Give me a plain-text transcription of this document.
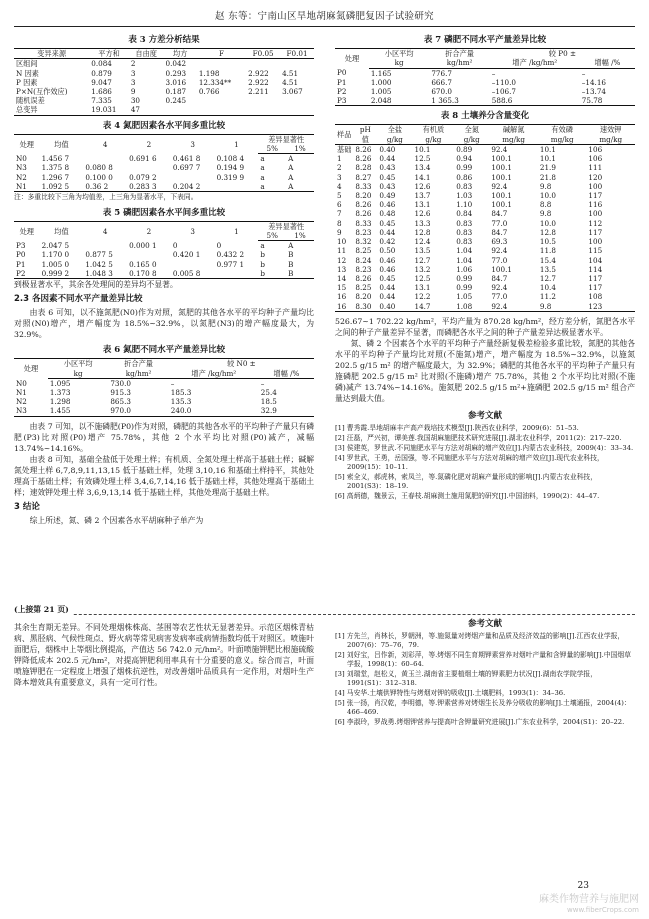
赵 东等：宁南山区旱地胡麻氮磷肥复因子试验研究
表 3 方差分析结果
变异来源	平方和	自由度	均方	F	F0.05	F0.01
区组间	0.084	2	0.042			
N 因素	0.879	3	0.293	1.198	2.922	4.51
P 因素	9.047	3	3.016	12.334**	2.922	4.51
P×N(互作效应)	1.686	9	0.187	0.766	2.211	3.067
随机误差	7.335	30	0.245			
总变异	19.031	47				
表 4 氮肥因素各水平间多重比较
处理	均值	4	2	3	1	差异显著性	
						5%	1%
N0	1.456 7		0.691 6	0.461 8	0.108 4	a	A
N3	1.375 8	0.080 8		0.697 7	0.194 9	a	A
N2	1.296 7	0.100 0	0.079 2		0.319 9	a	A
N1	1.092 5	0.36 2	0.283 3	0.204 2		a	A
注：多重比较下三角为均值差，上三角为显著水平，下表同。
表 5 磷肥因素各水平间多重比较
处理	均值	4	2	3	1	差异显著性	
						5%	1%
P3	2.047 5		0.000 1	0	0	a	A
P0	1.170 0	0.877 5		0.420 1	0.432 2	b	B
P1	1.005 0	1.042 5	0.165 0		0.977 1	b	B
P2	0.999 2	1.048 3	0.170 8	0.005 8		b	B

到极显著水平，其余各处理间的差异均不显著。

2.3 各因素不同水平产量差异比较

由表 6 可知，以不施氮肥(N0)作为对照，氮肥的其他各水平的平均种子产量均比对照(N0)增产，增产幅度为 18.5%~32.9%，以氮肥(N3)的增产幅度最大，为 32.9%。

表 6 氮肥不同水平产量差异比较
处理	小区平均	折合产量	较 N0 ±	
	kg	kg/hm²	增产 /kg/hm²	增幅 /%
N0	1.095	730.0	–	–
N1	1.373	915.3	185.3	25.4
N2	1.298	865.3	135.3	18.5
N3	1.455	970.0	240.0	32.9

由表 7 可知，以不施磷肥(P0)作为对照，磷肥的其他各水平的平均种子产量只有磷肥(P3)比对照(P0)增产 75.78%，其他 2 个水平均比对照(P0)减产，减幅 13.74%~14.16%。

由表 8 可知，基础全盐低于处理土样；有机质、全氮处理土样高于基础土样；碱解氮处理土样 6,7,8,9,11,13,15 低于基础土样，处理 3,10,16 和基础土样持平，其他处理高于基础土样；有效磷处理土样 3,4,6,7,14,16 低于基础土样，其他处理高于基础土样；速效钾处理土样 3,6,9,13,14 低于基础土样，其他处理高于基础土样。

3 结论

综上所述，氮、磷 2 个因素各水平胡麻种子单产为

表 7 磷肥不同水平产量差异比较
处理	小区平均	折合产量	较 P0 ±	
	kg	kg/hm²	增产 /kg/hm²	增幅 /%
P0	1.165	776.7	–	–
P1	1.000	666.7	–110.0	–14.16
P2	1.005	670.0	–106.7	–13.74
P3	2.048	1 365.3	588.6	75.78
表 8 土壤养分含量变化
样品	pH 值	全盐 g/kg	有机质 g/kg	全氮 g/kg	碱解氮 mg/kg	有效磷 mg/kg	速效钾 mg/kg
基础	8.26	0.40	10.1	0.89	92.4	10.1	106
1	8.26	0.44	12.5	0.94	100.1	10.1	106
2	8.28	0.43	13.4	0.99	100.1	21.9	111
3	8.27	0.45	14.1	0.86	100.1	21.8	120
4	8.33	0.43	12.6	0.83	92.4	9.8	100
5	8.20	0.49	13.7	1.03	100.1	10.0	117
6	8.26	0.46	13.1	1.10	100.1	8.8	116
7	8.26	0.48	12.6	0.84	84.7	9.8	100
8	8.33	0.45	13.3	0.83	77.0	10.0	112
9	8.23	0.44	12.8	0.83	84.7	12.8	117
10	8.32	0.42	12.4	0.83	69.3	10.5	100
11	8.25	0.50	13.5	1.04	92.4	11.8	115
12	8.24	0.46	12.7	1.04	77.0	15.4	104
13	8.23	0.46	13.2	1.06	100.1	13.5	114
14	8.26	0.45	12.5	0.99	84.7	12.7	117
15	8.25	0.44	13.1	0.99	92.4	10.4	117
16	8.20	0.44	12.2	1.05	77.0	11.2	108
16	8.30	0.40	14.7	1.08	92.4	9.8	123

526.67~1 702.22 kg/hm²，平均产量为 870.28 kg/hm²，经方差分析，氮肥各水平之间的种子产量差异不显著，而磷肥各水平之间的种子产量差异达极显著水平。

氮、磷 2 个因素各个水平的平均种子产量经新复极差检验多重比较，氮肥的其他各水平的平均种子产量均比对照(不施氮)增产，增产幅度为 18.5%~32.9%，以施氮 202.5 g/15 m² 的增产幅度最大，为 32.9%；磷肥的其他各水平的平均种子产量只有施磷肥 202.5 g/15 m² 比对照(不施磷)增产 75.78%，其他 2 个水平均比对照(不施磷)减产 13.74%~14.16%。施氮肥 202.5 g/15 m²+施磷肥 202.5 g/15 m² 组合产量达到最大值。

参考文献
[1] 曹秀霞.旱地胡麻丰产高产栽培技术模型[J].陕西农业科学，2009(6)：51–53.
[2] 汪磊，严兴初，谭美莲.我国胡麻施肥技术研究进展[J].湖北农业科学，2011(2)：217–220.
[3] 侯建英，罗世武.不同施肥水平与方法对胡麻的增产效应[J].内蒙古农业科技，2009(4)：33–34.
[4] 罗世武，王勇，岳国强，等.不同施肥水平与方法对胡麻的增产效应[J].现代农业科技，2009(15)：10–11.
[5] 索全义，郝虎林，索凤兰，等.氮磷化肥对胡麻产量形成的影响[J].内蒙古农业科技，2001(S3)：18–19.
[6] 高炳德，魏景云，王春枝.胡麻测土施用氮肥的研究[J].中国油料，1990(2)：44–47.
(上接第 21 页)

其余生育期无差异。不同处理烟株株高、茎围等农艺性状无显著差异。示范区烟株青枯病、黑胫病、气候性斑点、野火病等常见病害发病率或病情指数均低于对照区。喷施叶面肥后，烟株中上等烟比例提高，产值达 56 742.0 元/hm²。叶面喷施钾肥比根施硫酸钾降低成本 202.5 元/hm²，对提高钾肥利用率具有十分重要的意义。综合而言，叶面喷施钾肥在一定程度上增强了烟株抗逆性，对改善烟叶品质具有一定作用，对烟叶生产降本增效具有重要意义，具有一定可行性。

参考文献
[1] 方先兰，肖林长，罗朝洲，等.施氮量对烤烟产量和品质及经济效益的影响[J].江西农业学报，2007(6)：75–76，79.
[2] 刘好宝，吕作新，刘彩萍，等.烤烟不同生育期钾素营养对烟叶产量和含钾量的影响[J].中国烟草学报，1998(1)：60–64.
[3] 刘瑞堂，赵松义，黄玉兰.湖南省主要植烟土壤的钾素肥力状况[J].湖南农学院学报，1991(S1)：312–318.
[4] 马安华.土壤供钾特性与烤烟对钾的吸收[J].土壤肥料，1993(1)：34–36.
[5] 张一扬，肖汉乾，李明德，等.钾素营养对烤烟生长及养分吸收的影响[J].土壤通报，2004(4)：466–469.
[6] 李淑玲，罗战勇.烤烟钾营养与提高叶含钾量研究进展[J].广东农业科学，2004(S1)：20–22.
23
麻类作物营养与施肥网
www.fiberCrops.com
